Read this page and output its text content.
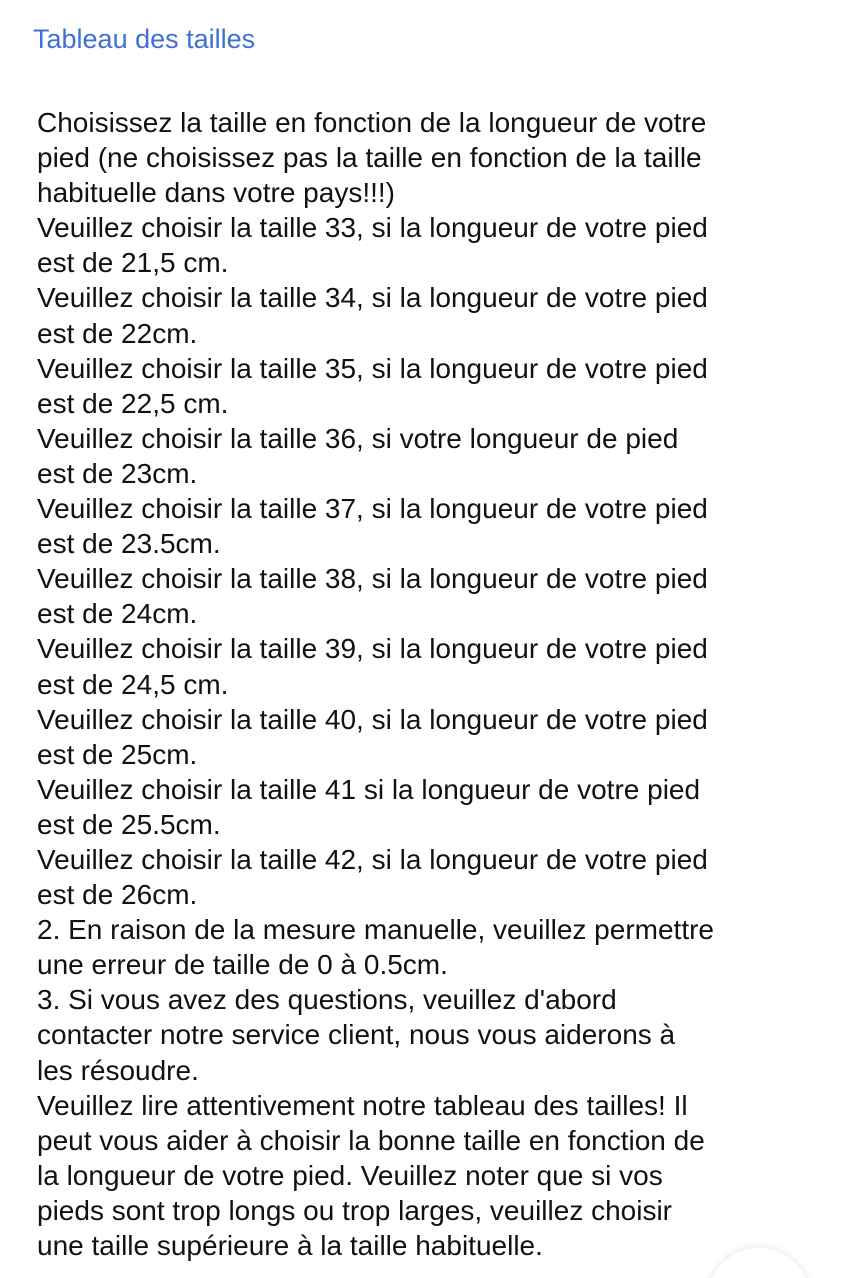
Tableau des tailles
Choisissez la taille en fonction de la longueur de votre
pied (ne choisissez pas la taille en fonction de la taille
habituelle dans votre pays!!!)
Veuillez choisir la taille 33, si la longueur de votre pied
est de 21,5 cm.
Veuillez choisir la taille 34, si la longueur de votre pied
est de 22cm.
Veuillez choisir la taille 35, si la longueur de votre pied
est de 22,5 cm.
Veuillez choisir la taille 36, si votre longueur de pied
est de 23cm.
Veuillez choisir la taille 37, si la longueur de votre pied
est de 23.5cm.
Veuillez choisir la taille 38, si la longueur de votre pied
est de 24cm.
Veuillez choisir la taille 39, si la longueur de votre pied
est de 24,5 cm.
Veuillez choisir la taille 40, si la longueur de votre pied
est de 25cm.
Veuillez choisir la taille 41 si la longueur de votre pied
est de 25.5cm.
Veuillez choisir la taille 42, si la longueur de votre pied
est de 26cm.
2. En raison de la mesure manuelle, veuillez permettre
une erreur de taille de 0 à 0.5cm.
3. Si vous avez des questions, veuillez d'abord
contacter notre service client, nous vous aiderons à
les résoudre.
Veuillez lire attentivement notre tableau des tailles! Il
peut vous aider à choisir la bonne taille en fonction de
la longueur de votre pied. Veuillez noter que si vos
pieds sont trop longs ou trop larges, veuillez choisir
une taille supérieure à la taille habituelle.
